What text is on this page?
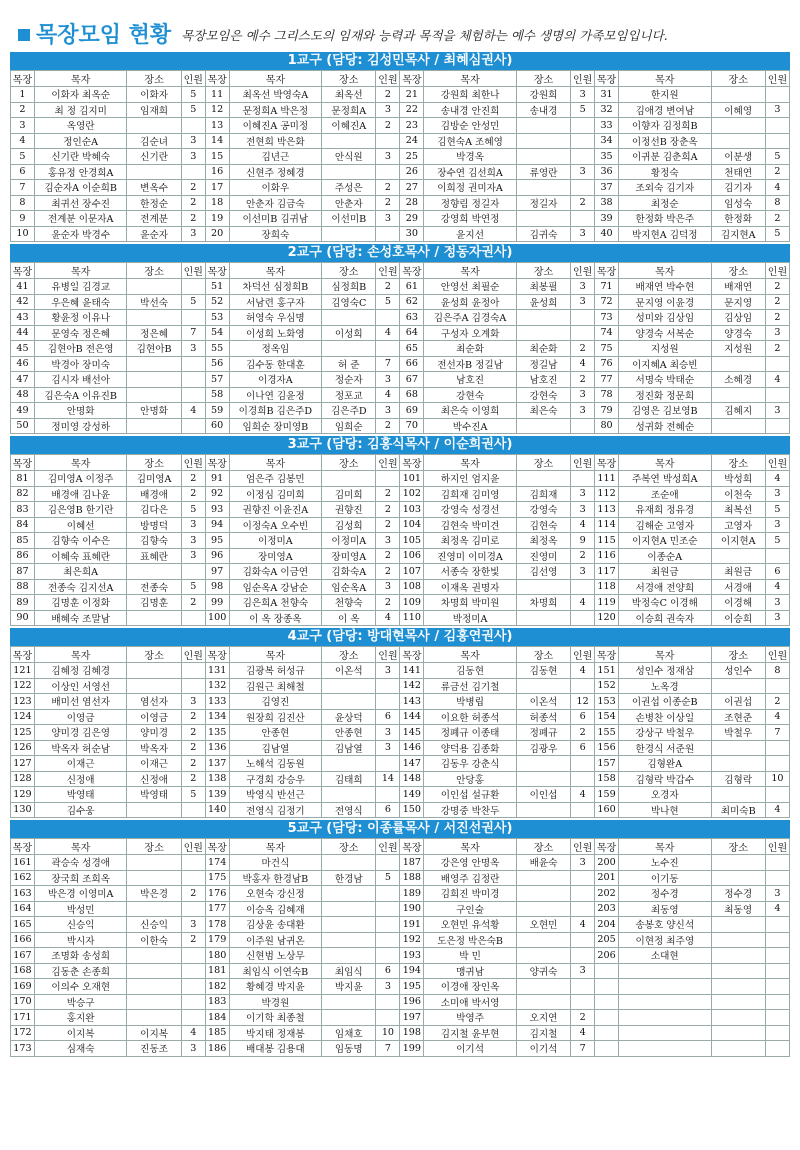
목장모임 현황 목장모임은 예수 그리스도의 임재와 능력과 목적을 체험하는 예수 생명의 가족모임입니다.
1교구 (담당: 김성민목사 / 최혜심권사)
목장	목자	장소	인원	목장	목자	장소	인원	목장	목자	장소	인원	목장	목자	장소	인원
1	이화자 최옥순	이화자	5	11	최옥선 박영숙A	최옥선	2	21	강원희 최한나	강원희	3	31	한지원		
2	최 정 김지미	임재희	5	12	문정희A 박은정	문정희A	3	22	송내경 안진희	송내경	5	32	김애경 변여남	이혜영	3
3	옥영란			13	이혜진A 공미정	이혜진A	2	23	김방순 안성민			33	이향자 김정희B		
4	정인순A	김순녀	3	14	전현희 박은화			24	김현숙A 조혜영			34	이정선B 장춘옥		
5	신기란 박혜숙	신기란	3	15	김년근	안식원	3	25	박경옥			35	이귀분 김춘희A	이분생	5
6	홍유정 안경희A			16	신현주 정혜경			26	장수연 김선희A	류영란	3	36	황정숙	천태연	2
7	김순자A 이순희B	변옥수	2	17	이화우	주성은	2	27	이희정 권미자A			37	조외숙 김기자	김기자	4
8	최귀선 장수진	한정순	2	18	안춘자 김금숙	안춘자	2	28	정향림 정길자	정길자	2	38	최정순	임성숙	8
9	전계분 이문자A	전계분	2	19	이선미B 김귀남	이선미B	3	29	강영희 박연정			39	한정화 박은주	한정화	2
10	윤순자 박경수	윤순자	3	20	장희숙			30	윤지선	김귀숙	3	40	박지현A 김덕정	김지현A	5
2교구 (담당: 손성호목사 / 정동자권사)
목장	목자	장소	인원	목장	목자	장소	인원	목장	목자	장소	인원	목장	목자	장소	인원
41	유병일 김경교			51	차덕선 심정희B	심정희B	2	61	안영선 최필순	최봉필	3	71	배재연 박수현	배재연	2
42	우은혜 윤태숙	박선숙	5	52	서남련 홍구자	김영숙C	5	62	윤성희 윤정아	윤성희	3	72	문지영 이윤경	문지영	2
43	황윤정 이유나			53	허영숙 우심명			63	김은주A 김경숙A			73	성미와 김상임	김상임	2
44	문영숙 정은혜	정은혜	7	54	이성희 노화영	이성희	4	64	구성자 오계화			74	양경숙 서복순	양경숙	3
45	김현아B 전은영	김현아B	3	55	정옥임			65	최순화	최순화	2	75	지성원	지성원	2
46	박경아 장미숙			56	김수동 한대훈	허 준	7	66	전선자B 정길남	정길남	4	76	이지혜A 최승빈		
47	김시자 배선아			57	이경자A	정순자	3	67	남호진	남호진	2	77	서명숙 박태순	소혜경	4
48	김은숙A 이유진B			58	이나연 김윤정	정포교	4	68	강현숙	강현숙	3	78	정진화 정문희		
49	안명화	안명화	4	59	이경희B 김은주D	김은주D	3	69	최은숙 이영희	최은숙	3	79	김영은 김보영B	김혜지	3
50	정미영 강성하			60	임희순 장미영B	임희순	2	70	박수진A			80	성귀화 전혜순		
3교구 (담당: 김홍식목사 / 이순희권사)
목장	목자	장소	인원	목장	목자	장소	인원	목장	목자	장소	인원	목장	목자	장소	인원
81	김미영A 이정주	김미영A	2	91	엄은주 김봉민			101	하지인 엄지윤			111	주복연 박성희A	박성희	4
82	배경애 김나윤	배경애	2	92	이정심 김미희	김미희	2	102	김희재 김미영	김희재	3	112	조순애	이천숙	3
83	김은영B 한기란	김다은	5	93	권향진 이윤진A	권향진	2	103	강영숙 성경선	강영숙	3	113	유재희 정유경	최복선	5
84	이혜선	방명덕	3	94	이정숙A 오수빈	김성희	2	104	김현숙 박미견	김현숙	4	114	김해순 고영자	고영자	3
85	김향숙 이수은	김향숙	3	95	이정미A	이정미A	3	105	최정옥 김미로	최정옥	9	115	이지현A 민조순	이지현A	5
86	이혜숙 표혜란	표혜란	3	96	장미영A	장미영A	2	106	진영미 이미경A	진영미	2	116	이종순A		
87	최은희A			97	김화숙A 이금연	김화숙A	2	107	서종숙 장한빛	김선영	3	117	최원금	최원금	6
88	전종숙 김지선A	전종숙	5	98	임순옥A 강남순	임순옥A	3	108	이재옥 권명자			118	서경애 전양희	서경애	4
89	김명훈 이정화	김명훈	2	99	김은희A 천향숙	천향숙	2	109	차명희 박미원	차명희	4	119	박정숙C 이경해	이경해	3
90	배혜숙 조말남			100	이 옥 장종옥	이 옥	4	110	박정미A			120	이승희 권숙자	이승희	3
4교구 (담당: 방대현목사 / 김홍연권사)
목장	목자	장소	인원	목장	목자	장소	인원	목장	목자	장소	인원	목장	목자	장소	인원
121	김혜정 김혜경			131	김광복 허성규	이온석	3	141	김동현	김동현	4	151	성인수 정재삼	성인수	8
122	이상인 서영선			132	김원근 최해철			142	류금선 김기철			152	노옥경		
123	배미선 염선자	염선자	3	133	김영진			143	박병립	이온석	12	153	이권섭 이종순B	이권섭	2
124	이영금	이영금	2	134	원장희 김진산	윤상덕	6	144	이요한 허종석	허종석	6	154	손병찬 이상일	조현준	4
125	양미경 김은영	양미경	2	135	안종현	안종현	3	145	정폐규 이종태	정폐규	2	155	강상구 박철우	박철우	7
126	박옥자 허순남	박옥자	2	136	김남열	김남열	3	146	양덕용 김종화	김광우	6	156	한경식 서준원		
127	이재근	이재근	2	137	노해석 김동원			147	김동우 강춘식			157	김형완A		
128	신정애	신정애	2	138	구경회 강승우	김태희	14	148	안당홍			158	김형락 박갑수	김형락	10
129	박영태	박영태	5	139	박영식 반선근			149	이인섭 설규환	이인섭	4	159	오경자		
130	김수웅			140	전영식 김정기	전영식	6	150	강명중 박찬두			160	박나현	최미숙B	4
5교구 (담당: 이종률목사 / 서진선권사)
목장	목자	장소	인원	목장	목자	장소	인원	목장	목자	장소	인원	목장	목자	장소	인원
161	곽승숙 성경애			174	마건식			187	강은영 안명옥	배윤숙	3	200	노수진		
162	장국희 조희옥			175	박홍자 한경남B	한경남	5	188	배영주 김정란			201	이기동		
163	박은경 이영미A	박은경	2	176	오현숙 강신정			189	김희진 박미경			202	정수경	정수경	3
164	박성민			177	이승옥 김혜재			190	구인술			203	최동영	최동영	4
165	신승익	신승익	3	178	김상윤 송대환			191	오현민 유석황	오현민	4	204	송봉호 양신석		
166	박시자	이한숙	2	179	이주원 남귀온			192	도은정 박은숙B			205	이현정 최주영		
167	조명화 송성희			180	신현범 노상무			193	박 민			206	소대현		
168	김동춘 손종희			181	최임식 이연숙B	최임식	6	194	맹귀남	양귀숙	3				
169	이의수 오재현			182	황혜경 박지윤	박지윤	3	195	이경애 장인옥						
170	박승구			183	박경원			196	소미애 박서영						
171	홍지완			184	이기학 최종철			197	박영주	오지연	2				
172	이지복	이지복	4	185	박지태 정재봉	임채호	10	198	김지철 윤부현	김지철	4				
173	심재숙	진동조	3	186	배대봉 김용대	임동명	7	199	이기석	이기석	7				
